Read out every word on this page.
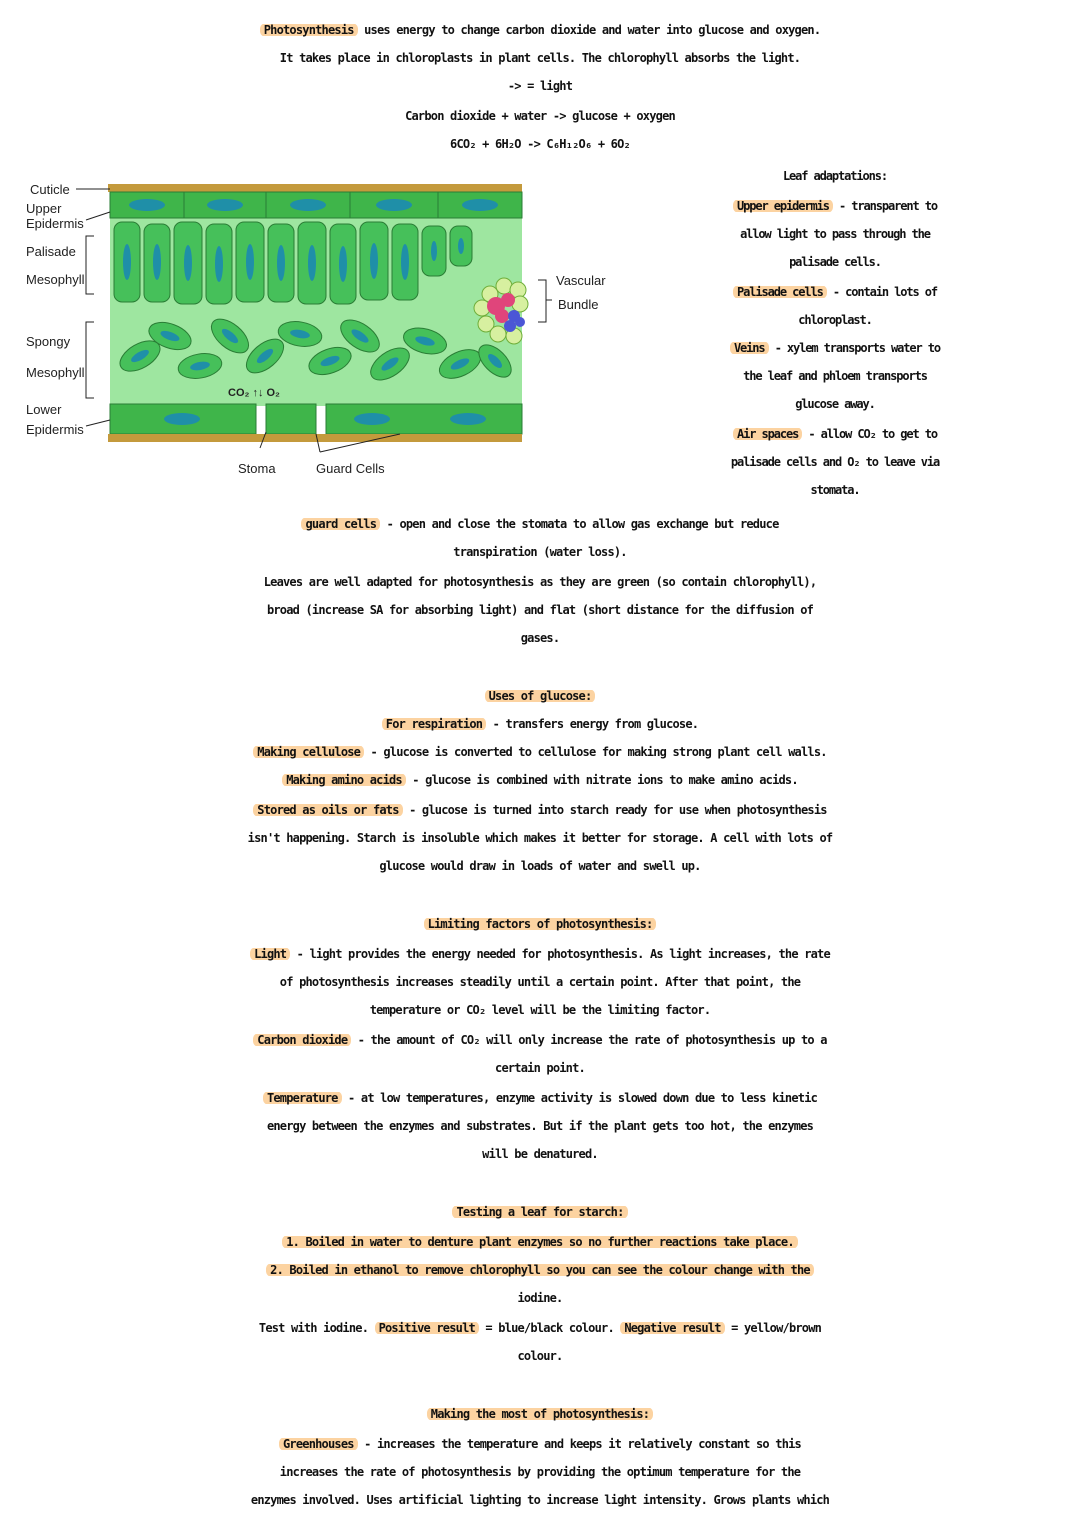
Photosynthesis uses energy to change carbon dioxide and water into glucose and oxygen.
It takes place in chloroplasts in plant cells. The chlorophyll absorbs the light.
-> = light
Carbon dioxide + water -> glucose + oxygen
6CO₂ + 6H₂O -> C₆H₁₂O₆ + 6O₂
Cuticle
Upper
Epidermis
Palisade
Mesophyll
Spongy
Mesophyll
Lower
Epidermis
Vascular
Bundle
Stoma	Guard Cells
CO₂ ↑↓ O₂
Leaf adaptations:
Upper epidermis - transparent to
allow light to pass through the
palisade cells.
Palisade cells - contain lots of
chloroplast.
Veins - xylem transports water to
the leaf and phloem transports
glucose away.
Air spaces - allow CO₂ to get to
palisade cells and O₂ to leave via
stomata.
guard cells - open and close the stomata to allow gas exchange but reduce
transpiration (water loss).
Leaves are well adapted for photosynthesis as they are green (so contain chlorophyll),
broad (increase SA for absorbing light) and flat (short distance for the diffusion of
gases.
Uses of glucose:
For respiration - transfers energy from glucose.
Making cellulose - glucose is converted to cellulose for making strong plant cell walls.
Making amino acids - glucose is combined with nitrate ions to make amino acids.
Stored as oils or fats - glucose is turned into starch ready for use when photosynthesis
isn't happening. Starch is insoluble which makes it better for storage. A cell with lots of
glucose would draw in loads of water and swell up.
Limiting factors of photosynthesis:
Light - light provides the energy needed for photosynthesis. As light increases, the rate
of photosynthesis increases steadily until a certain point. After that point, the
temperature or CO₂ level will be the limiting factor.
Carbon dioxide - the amount of CO₂ will only increase the rate of photosynthesis up to a
certain point.
Temperature - at low temperatures, enzyme activity is slowed down due to less kinetic
energy between the enzymes and substrates. But if the plant gets too hot, the enzymes
will be denatured.
Testing a leaf for starch:
1. Boiled in water to denture plant enzymes so no further reactions take place.
2. Boiled in ethanol to remove chlorophyll so you can see the colour change with the
iodine.
Test with iodine. Positive result = blue/black colour. Negative result = yellow/brown
colour.
Making the most of photosynthesis:
Greenhouses - increases the temperature and keeps it relatively constant so this
increases the rate of photosynthesis by providing the optimum temperature for the
enzymes involved. Uses artificial lighting to increase light intensity. Grows plants which
